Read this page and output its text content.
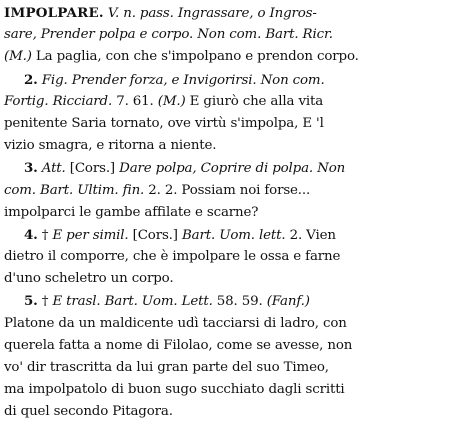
IMPOLPARE. V. n. pass. Ingrassare, o Ingros-
sare, Prender polpa e corpo. Non com. Bart. Ricr.
(M.) La paglia, con che s'impolpano e prendon corpo.
2. Fig. Prender forza, e Invigorirsi. Non com.
Fortig. Ricciard. 7. 61. (M.) E giurò che alla vita
penitente Saria tornato, ove virtù s'impolpa, E 'l
vizio smagra, e ritorna a niente.
3. Att. [Cors.] Dare polpa, Coprire di polpa. Non
com. Bart. Ultim. fin. 2. 2. Possiam noi forse...
impolparci le gambe affilate e scarne?
4. † E per simil. [Cors.] Bart. Uom. lett. 2. Vien
dietro il comporre, che è impolpare le ossa e farne
d'uno scheletro un corpo.
5. † E trasl. Bart. Uom. Lett. 58. 59. (Fanf.)
Platone da un maldicente udì tacciarsi di ladro, con
querela fatta a nome di Filolao, come se avesse, non
vo' dir trascritta da lui gran parte del suo Timeo,
ma impolpatolo di buon sugo succhiato dagli scritti
di quel secondo Pitagora.
